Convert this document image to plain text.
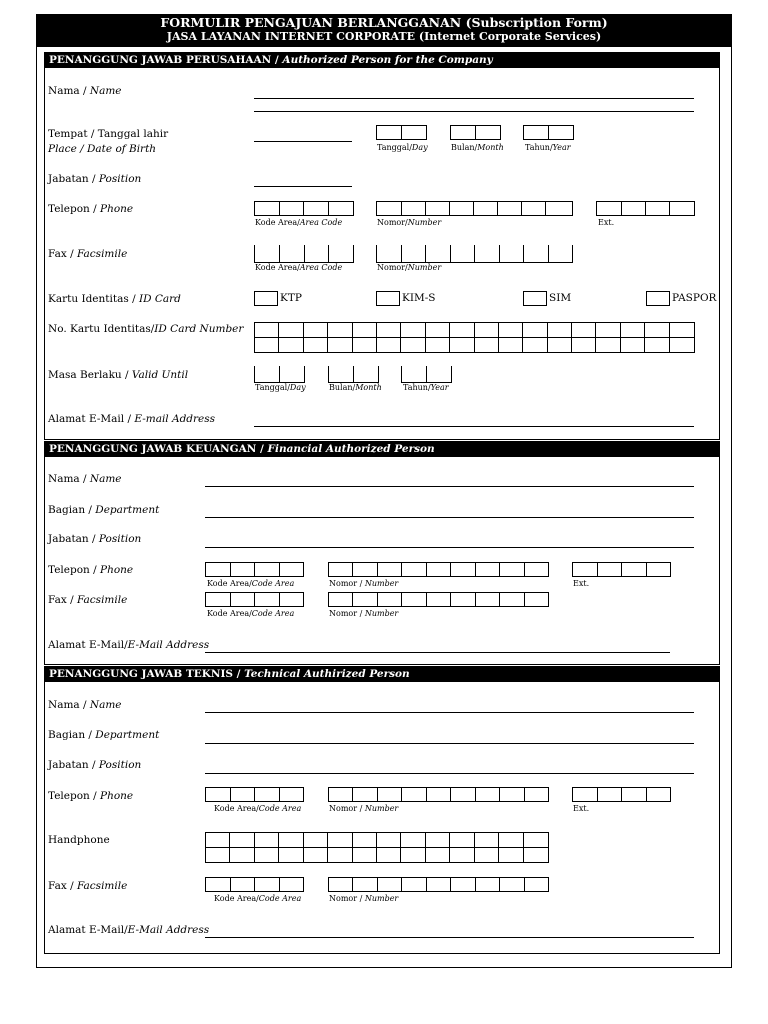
FORMULIR PENGAJUAN BERLANGGANAN (Subscription Form)
JASA LAYANAN INTERNET CORPORATE (Internet Corporate Services)
PENANGGUNG JAWAB PERUSAHAAN / Authorized Person for the Company
Nama / Name
Tempat / Tanggal lahir
Place / Date of Birth	Tanggal/Day	Bulan/Month	Tahun/Year
Jabatan / Position
Telepon / Phone
Kode Area/Area Code	Nomor/Number	Ext.
Fax / Facsimile
Kode Area/Area Code	Nomor/Number
Kartu Identitas / ID Card	KTP	KIM-S	SIM	PASPOR
No. Kartu Identitas/ID Card Number
Masa Berlaku / Valid Until
Tanggal/Day	Bulan/Month	Tahun/Year
Alamat E-Mail / E-mail Address
PENANGGUNG JAWAB KEUANGAN / Financial Authorized Person
Nama / Name
Bagian / Department
Jabatan / Position
Telepon / Phone
Kode Area/Code Area	Nomor / Number	Ext.
Fax / Facsimile
Kode Area/Code Area	Nomor / Number
Alamat E-Mail/E-Mail Address
PENANGGUNG JAWAB TEKNIS / Technical Authirized Person
Nama / Name
Bagian / Department
Jabatan / Position
Telepon / Phone
Kode Area/Code Area	Nomor / Number	Ext.
Handphone
Fax / Facsimile
Kode Area/Code Area	Nomor / Number
Alamat E-Mail/E-Mail Address
